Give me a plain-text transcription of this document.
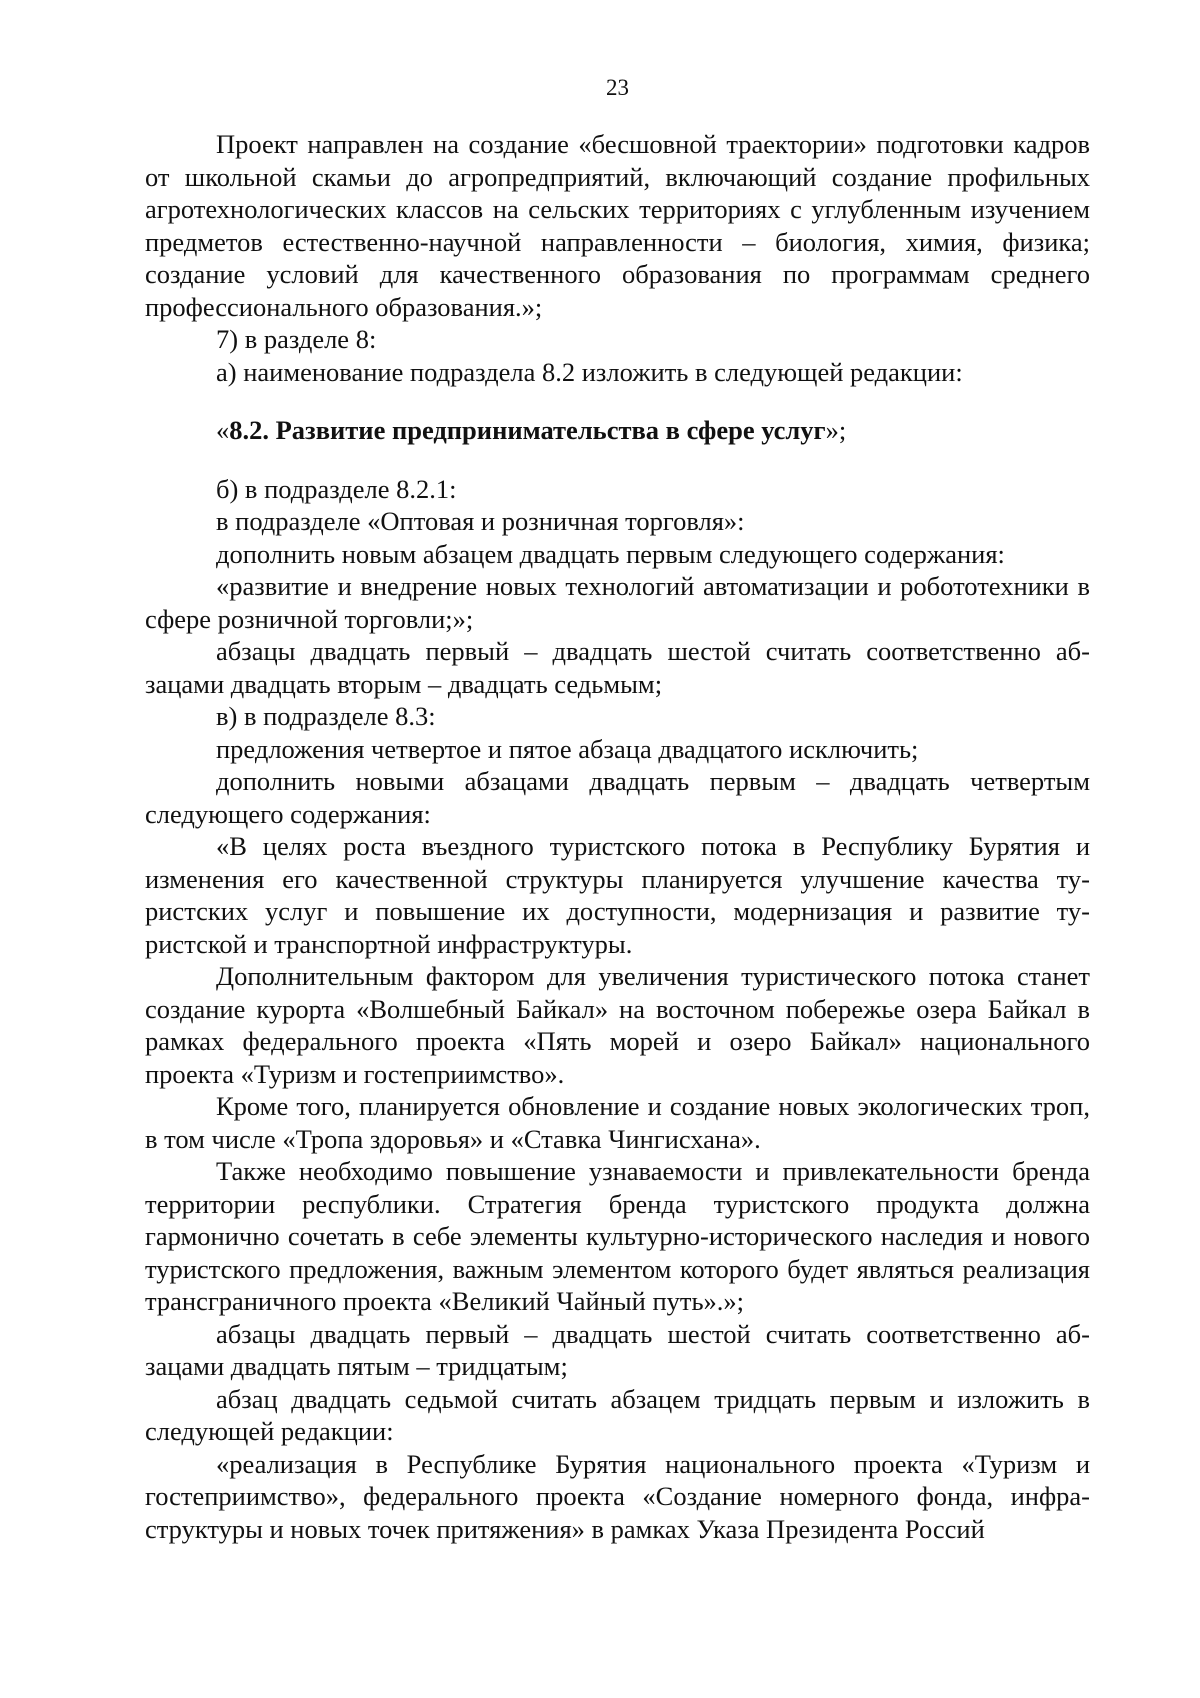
23

Проект направлен на создание «бесшовной траектории» подготовки кадров от школьной скамьи до агропредприятий, включающий создание профильных агротехнологических классов на сельских территориях с углубленным изучением предметов естественно-научной направленности – биология, химия, физика; создание условий для качественного образования по программам среднего профессионального образования.»;

7) в разделе 8:

а) наименование подраздела 8.2 изложить в следующей редакции:

«8.2. Развитие предпринимательства в сфере услуг»;

б) в подразделе 8.2.1:

в подразделе «Оптовая и розничная торговля»:

дополнить новым абзацем двадцать первым следующего содержания:

«развитие и внедрение новых технологий автоматизации и робототехники в сфере розничной торговли;»;

абзацы двадцать первый – двадцать шестой считать соответственно абзацами двадцать вторым – двадцать седьмым;

в) в подразделе 8.3:

предложения четвертое и пятое абзаца двадцатого исключить;

дополнить новыми абзацами двадцать первым – двадцать четвертым следующего содержания:

«В целях роста въездного туристского потока в Республику Бурятия и изменения его качественной структуры планируется улучшение качества туристских услуг и повышение их доступности, модернизация и развитие туристской и транспортной инфраструктуры.

Дополнительным фактором для увеличения туристического потока станет создание курорта «Волшебный Байкал» на восточном побережье озера Байкал в рамках федерального проекта «Пять морей и озеро Байкал» национального проекта «Туризм и гостеприимство».

Кроме того, планируется обновление и создание новых экологических троп, в том числе «Тропа здоровья» и «Ставка Чингисхана».

Также необходимо повышение узнаваемости и привлекательности бренда территории республики. Стратегия бренда туристского продукта должна гармонично сочетать в себе элементы культурно-исторического наследия и нового туристского предложения, важным элементом которого будет являться реализация трансграничного проекта «Великий Чайный путь».»;

абзацы двадцать первый – двадцать шестой считать соответственно абзацами двадцать пятым – тридцатым;

абзац двадцать седьмой считать абзацем тридцать первым и изложить в следующей редакции:

«реализация в Республике Бурятия национального проекта «Туризм и гостеприимство», федерального проекта «Создание номерного фонда, инфраструктуры и новых точек притяжения» в рамках Указа Президента Россий
